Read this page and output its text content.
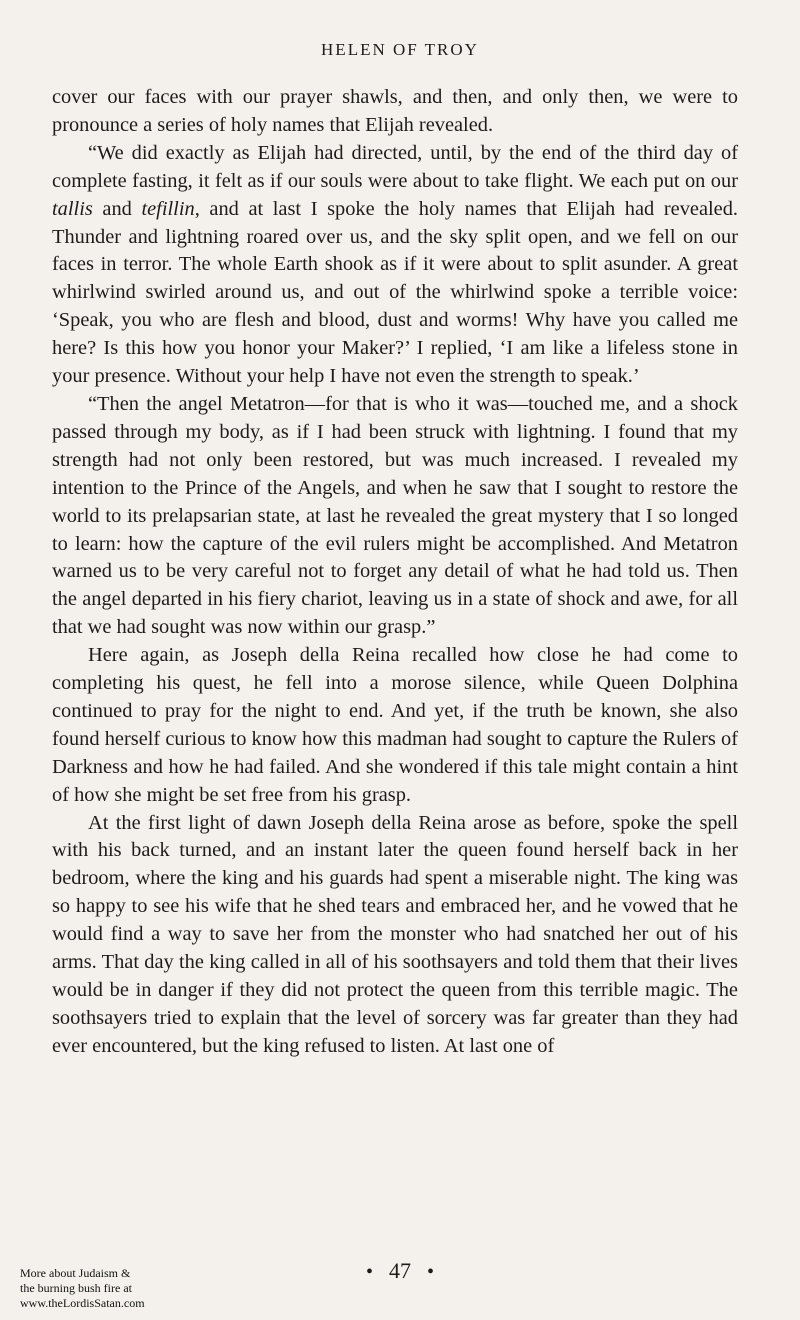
HELEN OF TROY

cover our faces with our prayer shawls, and then, and only then, we were to pronounce a series of holy names that Elijah revealed.

“We did exactly as Elijah had directed, until, by the end of the third day of complete fasting, it felt as if our souls were about to take flight. We each put on our tallis and tefillin, and at last I spoke the holy names that Elijah had revealed. Thunder and lightning roared over us, and the sky split open, and we fell on our faces in terror. The whole Earth shook as if it were about to split asunder. A great whirlwind swirled around us, and out of the whirlwind spoke a terrible voice: ‘Speak, you who are flesh and blood, dust and worms! Why have you called me here? Is this how you honor your Maker?’ I replied, ‘I am like a lifeless stone in your presence. Without your help I have not even the strength to speak.’

“Then the angel Metatron—for that is who it was—touched me, and a shock passed through my body, as if I had been struck with lightning. I found that my strength had not only been restored, but was much increased. I revealed my intention to the Prince of the Angels, and when he saw that I sought to restore the world to its prelapsarian state, at last he revealed the great mystery that I so longed to learn: how the capture of the evil rulers might be accomplished. And Metatron warned us to be very careful not to forget any detail of what he had told us. Then the angel departed in his fiery chariot, leaving us in a state of shock and awe, for all that we had sought was now within our grasp.”

Here again, as Joseph della Reina recalled how close he had come to completing his quest, he fell into a morose silence, while Queen Dolphina continued to pray for the night to end. And yet, if the truth be known, she also found herself curious to know how this madman had sought to capture the Rulers of Darkness and how he had failed. And she wondered if this tale might contain a hint of how she might be set free from his grasp.

At the first light of dawn Joseph della Reina arose as before, spoke the spell with his back turned, and an instant later the queen found herself back in her bedroom, where the king and his guards had spent a miserable night. The king was so happy to see his wife that he shed tears and embraced her, and he vowed that he would find a way to save her from the monster who had snatched her out of his arms. That day the king called in all of his soothsayers and told them that their lives would be in danger if they did not protect the queen from this terrible magic. The soothsayers tried to explain that the level of sorcery was far greater than they had ever encountered, but the king refused to listen. At last one of

• 47 •
More about Judaism &
the burning bush fire at
www.theLordisSatan.com
